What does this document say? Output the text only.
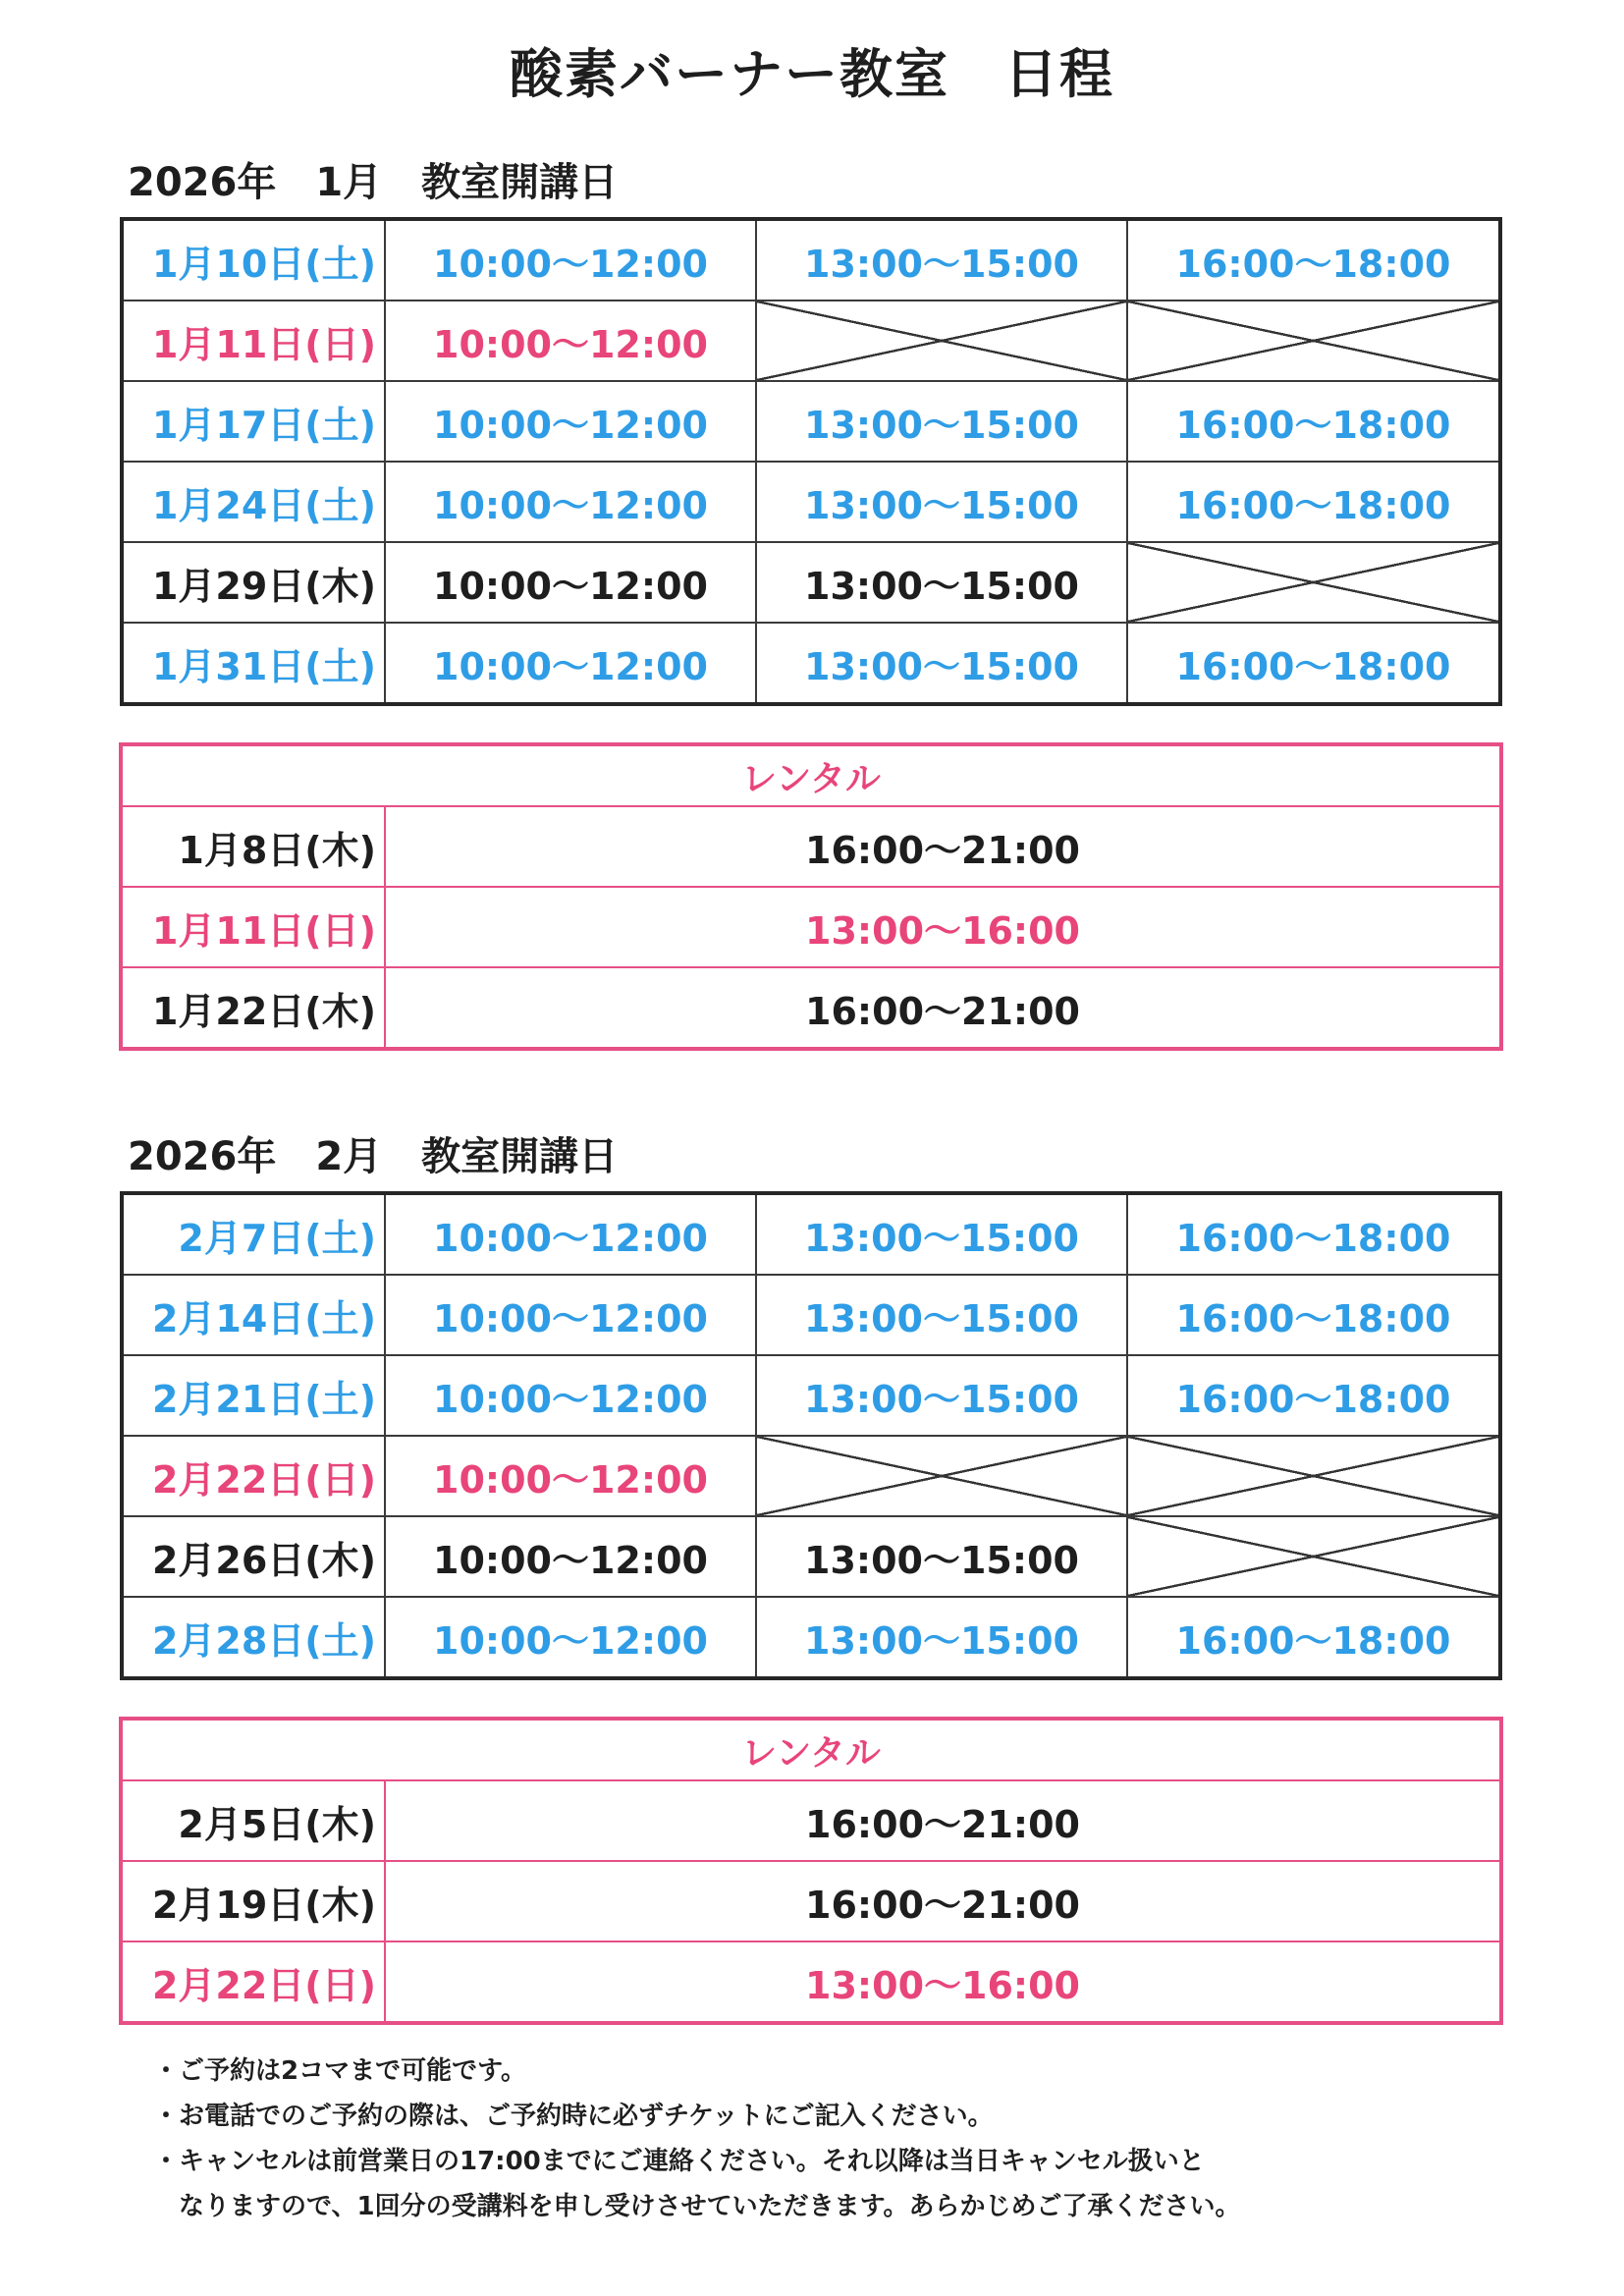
酸素バーナー教室　日程
2026年　1月　教室開講日
1月10日(土)	10:00〜12:00	13:00〜15:00	16:00〜18:00
1月11日(日)	10:00〜12:00		
1月17日(土)	10:00〜12:00	13:00〜15:00	16:00〜18:00
1月24日(土)	10:00〜12:00	13:00〜15:00	16:00〜18:00
1月29日(木)	10:00〜12:00	13:00〜15:00	
1月31日(土)	10:00〜12:00	13:00〜15:00	16:00〜18:00
レンタル	
1月8日(木)	16:00〜21:00
1月11日(日)	13:00〜16:00
1月22日(木)	16:00〜21:00
2026年　2月　教室開講日
2月7日(土)	10:00〜12:00	13:00〜15:00	16:00〜18:00
2月14日(土)	10:00〜12:00	13:00〜15:00	16:00〜18:00
2月21日(土)	10:00〜12:00	13:00〜15:00	16:00〜18:00
2月22日(日)	10:00〜12:00		
2月26日(木)	10:00〜12:00	13:00〜15:00	
2月28日(土)	10:00〜12:00	13:00〜15:00	16:00〜18:00
レンタル	
2月5日(木)	16:00〜21:00
2月19日(木)	16:00〜21:00
2月22日(日)	13:00〜16:00
・ご予約は2コマまで可能です。
・お電話でのご予約の際は、ご予約時に必ずチケットにご記入ください。
・キャンセルは前営業日の17:00までにご連絡ください。それ以降は当日キャンセル扱いと
　なりますので、1回分の受講料を申し受けさせていただきます。あらかじめご了承ください。
